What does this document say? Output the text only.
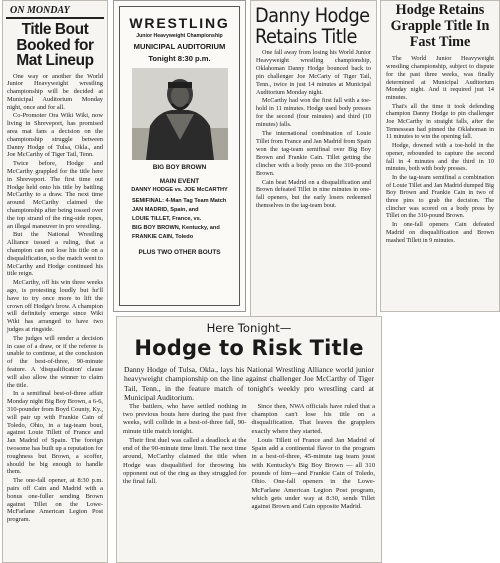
ON MONDAY
Title Bout Booked for Mat Lineup

One way or another the World Junior Heavyweight wrestling championship will be decided at Municipal Auditorium Monday night, once and for all.

Co-Promoter Ora Wiki Wiki, now living in Shreveport, has promised area mat fans a decision on the championship struggle between Danny Hodge of Tulsa, Okla., and Joe McCarthy of Tiger Tail, Tenn.

Twice before, Hodge and McCarthy grappled for the title here in Shreveport. The first time out Hodge held onto his title by battling McCarthy to a draw. The next time around McCarthy claimed the championship after being tossed over the top strand of the ring-side ropes, an illegal maneuver in pro wrestling.

But the National Wrestling Alliance issued a ruling, that a champion can not lose his title on a disqualification, so the match went to McCarthy and Hodge continued his title reign.

McCarthy, off his win three weeks ago, is protesting loudly but he'll have to try once more to lift the crown off Hodge's brow. A champion will definitely emerge since Wiki Wiki has arranged to have two judges at ringside.

The judges will render a decision in case of a draw, or if the referee is unable to continue, at the conclusion of the best-of-three, 90-minute feature. A 'disqualification' clause will also allow the winner to claim the title.

In a semifinal best-of-three affair Monday night Big Boy Brown, a 6-6, 310-pounder from Boyd County, Ky., will pair up with Frankie Cain of Toledo, Ohio, in a tag-team bout, against Louie Tillett of France and Jan Madrid of Spain. The foreign twosome has built up a reputation for roughness but Brown, a scoffer, should be big enough to handle them.

The one-fall opener, at 8:30 p.m. pairs off Cain and Madrid with a bonus one-fuller sending Brown against Tillet on the Lowe-McFarlane American Legion Post program.

WRESTLING
Junior Heavyweight Championship
MUNICIPAL AUDITORIUM
Tonight 8:30 p.m.
BIG BOY BROWN
MAIN EVENT
DANNY HODGE vs. JOE McCARTHY
SEMIFINAL: 4-Man Tag Team Match
JAN MADRID, Spain, and
LOUIE TILLET, France, vs.
BIG BOY BROWN, Kentucky, and
FRANKIE CAIN, Toledo
PLUS TWO OTHER BOUTS
Danny Hodge Retains Title

One fall away from losing his World Junior Heavyweight wrestling championship, Oklahoman Danny Hodge bounced back to pin challenger Joe McCarty of Tiger Tail, Tenn., twice in just 14 minutes at Municipal Auditorium Monday night.

McCarthy had won the first fall with a toe-hold in 11 minutes. Hodge used body presses for the second (four minutes) and third (10 minutes) falls.

The international combination of Louie Tillet from France and Jan Madrid from Spain won the tag-team semifinal over Big Boy Brown and Frankie Cain. Tillet getting the clincher with a body press on the 310-pound Brown.

Cain beat Madrid on a disqualification and Brown defeated Tillet in nine minutes in one-fall openers, but the early losers redeemed themselves in the tag-team bout.

Hodge Retains Grapple Title In Fast Time

The World Junior Heavyweight wrestling championship, subject to dispute for the past three weeks, was finally determined at Municipal Auditorium Monday night. And it required just 14 minutes.

That's all the time it took defending champion Danny Hodge to pin challenger Joe McCarthy in straight falls, after the Tennessean had pinned the Oklahoman in 11 minutes to win the opening fall.

Hodge, downed with a toe-hold in the opener, rebounded to capture the second fall in 4 minutes and the third in 10 minutes, both with body presses.

In the tag-team semifinal a combination of Louie Tillet and Jan Madrid dumped Big Boy Brown and Frankie Cain in two of three pins to grab the decision. The clincher was scored on a body press by Tillet on the 310-pound Brown.

In one-fall openers Cain defeated Madrid on disqualification and Brown mashed Tillett in 9 minutes.

Here Tonight—
Hodge to Risk Title
Danny Hodge of Tulsa, Okla., lays his National Wrestling Alliance world junior heavyweight championship on the line against challenger Joe McCarthy of Tiger Tail, Tenn., in the feature match of tonight's weekly pro wrestling card at Municipal Auditorium.

The battlers, who have settled nothing in two previous bouts here during the past five weeks, will collide in a best-of-three fall, 90-minute title match tonight.

Their first duel was called a deadlock at the end of the 90-minute time limit. The next time around, McCarthy claimed the title when Hodge was disqualified for throwing his opponent out of the ring as they struggled for the final fall.

Since then, NWA officials have ruled that a champion can't lose his title on a disqualification. That leaves the grapplers exactly where they started.

Louis Tillett of France and Jan Madrid of Spain add a continental flavor to the program in a best-of-three, 45-minute tag team joust with Kentucky's Big Boy Brown — all 310 pounds of him—and Frankie Cain of Toledo, Ohio. One-fall openers in the Lowe-McFarlane American Legion Post program, which gets under way at 8:30, sends Tillet against Brown and Cain opposite Madrid.
